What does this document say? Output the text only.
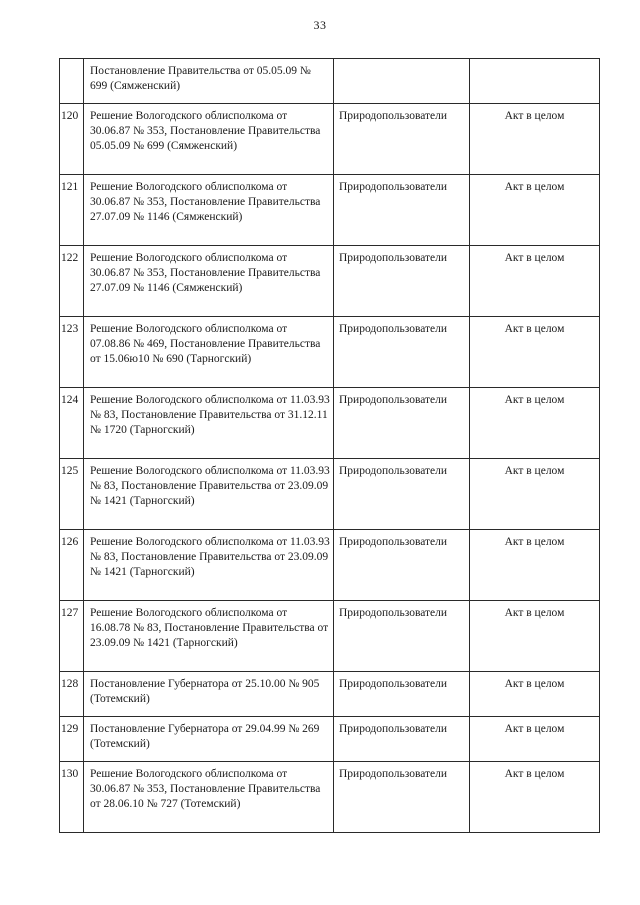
33
	Постановление Правительства от 05.05.09 № 699 (Сямженский)		
120	Решение Вологодского облисполкома от 30.06.87 № 353, Постановление Правительства 05.05.09 № 699 (Сямженский)	Природопользователи	Акт в целом
121	Решение Вологодского облисполкома от 30.06.87 № 353, Постановление Правительства 27.07.09 № 1146 (Сямженский)	Природопользователи	Акт в целом
122	Решение Вологодского облисполкома от 30.06.87 № 353, Постановление Правительства 27.07.09 № 1146 (Сямженский)	Природопользователи	Акт в целом
123	Решение Вологодского облисполкома от 07.08.86 № 469, Постановление Правительства от 15.06ю10 № 690 (Тарногский)	Природопользователи	Акт в целом
124	Решение Вологодского облисполкома от 11.03.93 № 83, Постановление Правительства от 31.12.11 № 1720 (Тарногский)	Природопользователи	Акт в целом
125	Решение Вологодского облисполкома от 11.03.93 № 83, Постановление Правительства от 23.09.09 № 1421 (Тарногский)	Природопользователи	Акт в целом
126	Решение Вологодского облисполкома от 11.03.93 № 83, Постановление Правительства от 23.09.09 № 1421 (Тарногский)	Природопользователи	Акт в целом
127	Решение Вологодского облисполкома от 16.08.78 № 83, Постановление Правительства от 23.09.09 № 1421 (Тарногский)	Природопользователи	Акт в целом
128	Постановление Губернатора от 25.10.00 № 905 (Тотемский)	Природопользователи	Акт в целом
129	Постановление Губернатора от 29.04.99 № 269 (Тотемский)	Природопользователи	Акт в целом
130	Решение Вологодского облисполкома от 30.06.87 № 353, Постановление Правительства от 28.06.10 № 727 (Тотемский)	Природопользователи	Акт в целом
